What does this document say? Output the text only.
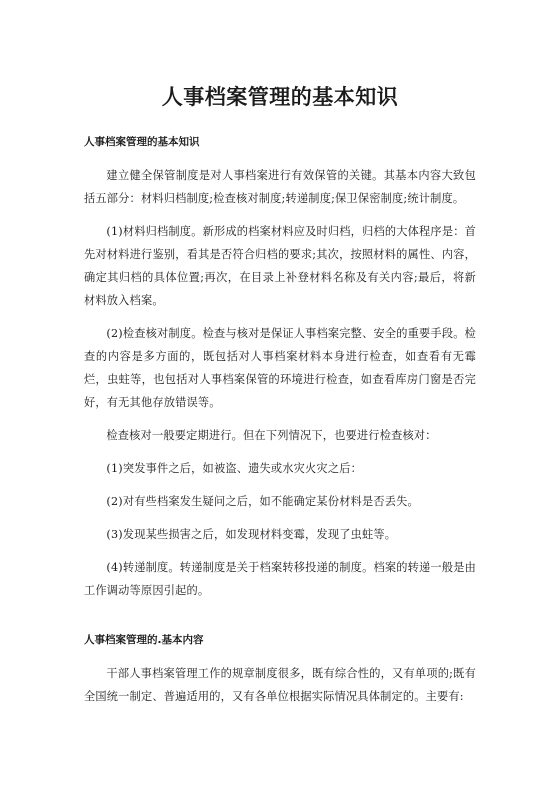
人事档案管理的基本知识
人事档案管理的基本知识

建立健全保管制度是对人事档案进行有效保管的关键。其基本内容大致包括五部分：材料归档制度;检查核对制度;转递制度;保卫保密制度;统计制度。

(1)材料归档制度。新形成的档案材料应及时归档，归档的大体程序是：首先对材料进行鉴别，看其是否符合归档的要求;其次，按照材料的属性、内容，确定其归档的具体位置;再次，在目录上补登材料名称及有关内容;最后，将新材料放入档案。

(2)检查核对制度。检查与核对是保证人事档案完整、安全的重要手段。检查的内容是多方面的，既包括对人事档案材料本身进行检查，如查看有无霉烂，虫蛀等，也包括对人事档案保管的环境进行检查，如查看库房门窗是否完好，有无其他存放错误等。

检查核对一般要定期进行。但在下列情况下，也要进行检查核对：

(1)突发事件之后，如被盗、遗失或水灾火灾之后：

(2)对有些档案发生疑问之后，如不能确定某份材料是否丢失。

(3)发现某些损害之后，如发现材料变霉，发现了虫蛀等。

(4)转递制度。转递制度是关于档案转移投递的制度。档案的转递一般是由工作调动等原因引起的。

人事档案管理的.基本内容

干部人事档案管理工作的规章制度很多，既有综合性的，又有单项的;既有全国统一制定、普遍适用的，又有各单位根据实际情况具体制定的。主要有:
